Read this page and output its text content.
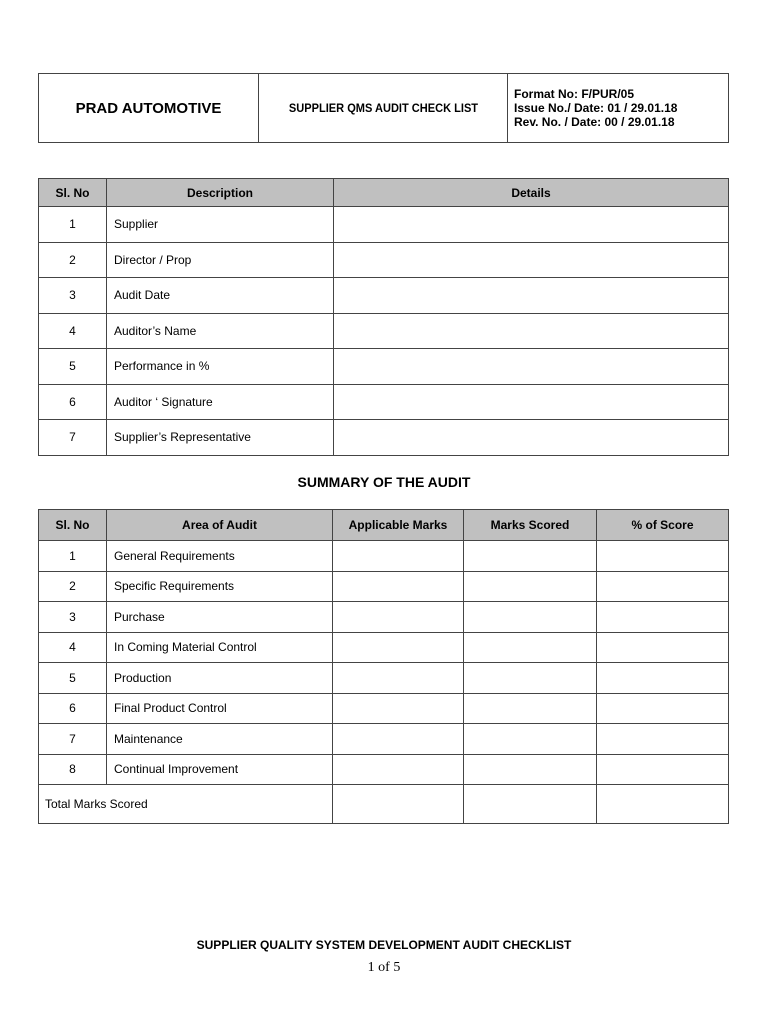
PRAD AUTOMOTIVE	SUPPLIER QMS AUDIT CHECK LIST	
Format No: F/PUR/05
Issue No./ Date: 01 / 29.01.18
Rev. No. / Date: 00 / 29.01.18
Sl. No	Description	Details
1	Supplier	
2	Director / Prop	
3	Audit Date	
4	Auditor’s Name	
5	Performance in %	
6	Auditor ‘ Signature	
7	Supplier’s Representative	
SUMMARY OF THE AUDIT
Sl. No	Area of Audit	Applicable Marks	Marks Scored	% of Score
1	General Requirements			
2	Specific Requirements			
3	Purchase			
4	In Coming Material Control			
5	Production			
6	Final Product Control			
7	Maintenance			
8	Continual Improvement			
Total Marks Scored				
SUPPLIER QUALITY SYSTEM DEVELOPMENT AUDIT CHECKLIST
1 of 5
